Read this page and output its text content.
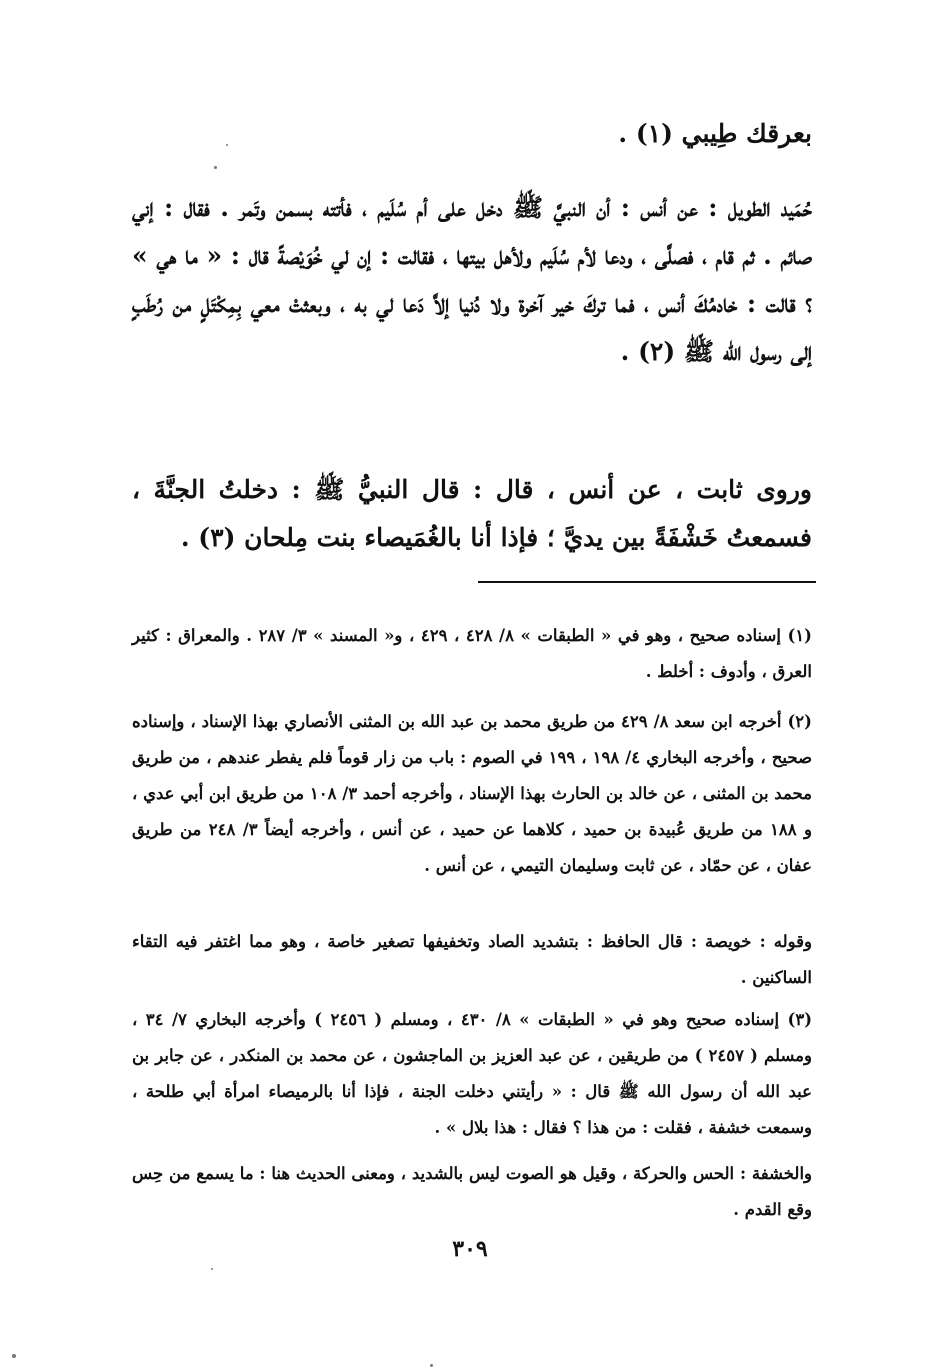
بعرقك طِيبي (١) .
حُمَيد الطويل : عن أنس : أن النبيَّ ﷺ دخل على أم سُلَيم ، فأتته بسمن وتَمر . فقال : إني صائم . ثم قام ، فصلَّى ، ودعا لأم سُلَيم ولأهل بيتها ، فقالت : إن لي خُوَيْصةً قال : « ما هي » ؟ قالت : خادمُكَ أنس ، فما تركَ خير آخرة ولا دُنيا إلاَّ دَعا لي به ، وبعثتْ معي بِمِكْتَلٍ من رُطَبٍ إلى رسول الله ﷺ (٢) .
وروى ثابت ، عن أنس ، قال : قال النبيُّ ﷺ : دخلتُ الجنَّةَ ، فسمعتُ خَشْفَةً بين يديَّ ؛ فإذا أنا بالغُمَيصاء بنت مِلحان (٣) .
(١) إسناده صحيح ، وهو في « الطبقات » ٨/ ٤٢٨ ، ٤٢٩ ، و« المسند » ٣/ ٢٨٧ . والمعراق : كثير العرق ، وأدوف : أخلط .
(٢) أخرجه ابن سعد ٨/ ٤٢٩ من طريق محمد بن عبد الله بن المثنى الأنصاري بهذا الإسناد ، وإسناده صحيح ، وأخرجه البخاري ٤/ ١٩٨ ، ١٩٩ في الصوم : باب من زار قوماً فلم يفطر عندهم ، من طريق محمد بن المثنى ، عن خالد بن الحارث بهذا الإسناد ، وأخرجه أحمد ٣/ ١٠٨ من طريق ابن أبي عدي ، و ١٨٨ من طريق عُبيدة بن حميد ، كلاهما عن حميد ، عن أنس ، وأخرجه أيضاً ٣/ ٢٤٨ من طريق عفان ، عن حمّاد ، عن ثابت وسليمان التيمي ، عن أنس .
وقوله : خويصة : قال الحافظ : بتشديد الصاد وتخفيفها تصغير خاصة ، وهو مما اغتفر فيه التقاء الساكنين .
(٣) إسناده صحيح وهو في « الطبقات » ٨/ ٤٣٠ ، ومسلم ( ٢٤٥٦ ) وأخرجه البخاري ٧/ ٣٤ ، ومسلم ( ٢٤٥٧ ) من طريقين ، عن عبد العزيز بن الماجشون ، عن محمد بن المنكدر ، عن جابر بن عبد الله أن رسول الله ﷺ قال : « رأيتني دخلت الجنة ، فإذا أنا بالرميصاء امرأة أبي طلحة ، وسمعت خشفة ، فقلت : من هذا ؟ فقال : هذا بلال » .
والخشفة : الحس والحركة ، وقيل هو الصوت ليس بالشديد ، ومعنى الحديث هنا : ما يسمع من حِس وقع القدم .
٣٠٩
